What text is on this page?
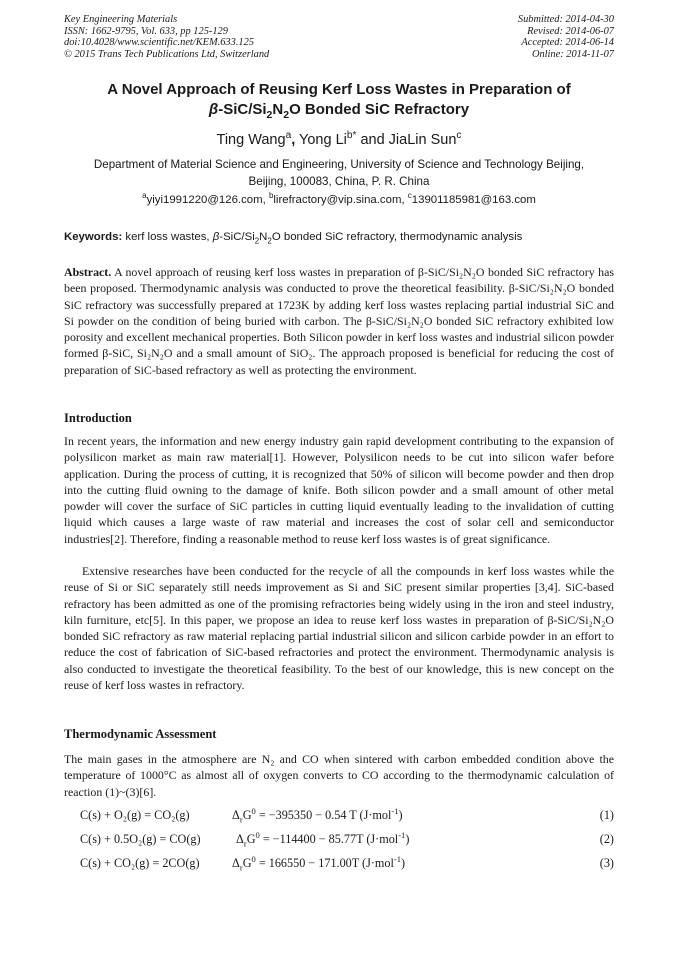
Key Engineering Materials
ISSN: 1662-9795, Vol. 633, pp 125-129
doi:10.4028/www.scientific.net/KEM.633.125
© 2015 Trans Tech Publications Ltd, Switzerland
Submitted: 2014-04-30
Revised: 2014-06-07
Accepted: 2014-06-14
Online: 2014-11-07
A Novel Approach of Reusing Kerf Loss Wastes in Preparation of
$\beta-SiC/Si_2N_2O$ Bonded SiC Refractory
Ting Wang$^a$, Yong $Li^{b*}$ and JiaLin Sun$^c$
Department of Material Science and Engineering, University of Science and Technology Beijing,
Beijing, 100083, China, P. R. China
$^a$yiyi1991220@126.com, $^b$lirefractory@vip.sina.com, $^c$13901185981@163.com
Keywords: kerf loss wastes, $\beta-SiC/Si_2N_2O$ bonded SiC refractory, thermodynamic analysis

Abstract. A novel approach of reusing kerf loss wastes in preparation of β-SiC/Si₂N₂O bonded SiC refractory has been proposed. Thermodynamic analysis was conducted to prove the theoretical feasibility. β-SiC/Si₂N₂O bonded SiC refractory was successfully prepared at 1723K by adding kerf loss wastes replacing partial industrial SiC and Si powder on the condition of being buried with carbon. The β-SiC/Si₂N₂O bonded SiC refractory exhibited low porosity and excellent mechanical properties. Both Silicon powder in kerf loss wastes and industrial silicon powder formed β-SiC, Si₂N₂O and a small amount of SiO₂. The approach proposed is beneficial for reducing the cost of preparation of SiC-based refractory as well as protecting the environment.

Introduction

In recent years, the information and new energy industry gain rapid development contributing to the expansion of polysilicon market as main raw material[1]. However, Polysilicon needs to be cut into silicon wafer before application. During the process of cutting, it is recognized that 50% of silicon will become powder and then drop into the cutting fluid owning to the damage of knife. Both silicon powder and a small amount of other metal powder will cover the surface of SiC particles in cutting liquid eventually leading to the invalidation of cutting liquid which causes a large waste of raw material and increases the cost of solar cell and semiconductor industries[2]. Therefore, finding a reasonable method to reuse kerf loss wastes is of great significance.

Extensive researches have been conducted for the recycle of all the compounds in kerf loss wastes while the reuse of Si or SiC separately still needs improvement as Si and SiC present similar properties [3,4]. SiC-based refractory has been admitted as one of the promising refractories being widely using in the iron and steel industry, kiln furniture, etc[5]. In this paper, we propose an idea to reuse kerf loss wastes in preparation of β-SiC/Si₂N₂O bonded SiC refractory as raw material replacing partial industrial silicon and silicon carbide powder in an effort to reduce the cost of fabrication of SiC-based refractories and protect the environment. Thermodynamic analysis is also conducted to investigate the theoretical feasibility. To the best of our knowledge, this is new concept on the reuse of kerf loss wastes in refractory.

Thermodynamic Assessment

The main gases in the atmosphere are N₂ and CO when sintered with carbon embedded condition above the temperature of 1000°C as almost all of oxygen converts to CO according to the thermodynamic calculation of reaction (1)~(3)[6].

C(s) + O₂(g) = CO₂(g)	$\Delta_rG^0 = -395350 - 0.54$ T (J·mol$^{-1}$)	(1)
C(s) + 0.5O₂(g) = CO(g)	$\Delta_rG^0 = -114400 - 85.77T$ (J·mol$^{-1}$)	(2)
C(s) + CO₂(g) = 2CO(g)	$\Delta_rG^0 = 166550 - 171.00T$ (J·mol$^{-1}$)	(3)
